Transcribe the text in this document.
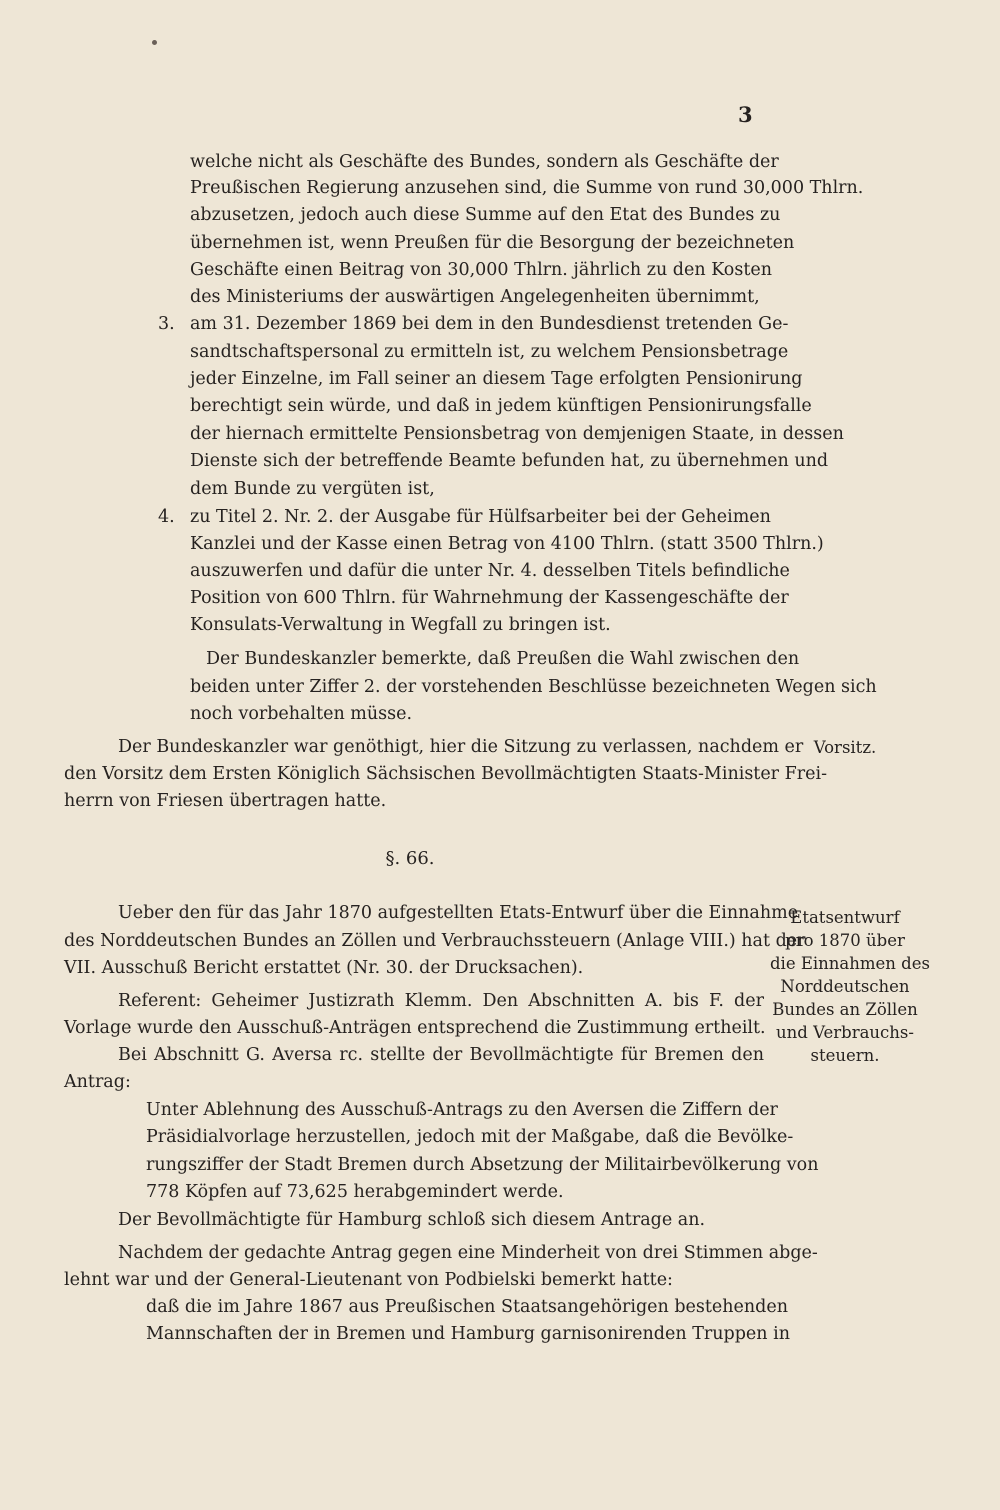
3
welche nicht als Geschäfte des Bundes, sondern als Geschäfte der
Preußischen Regierung anzusehen sind, die Summe von rund 30,000 Thlrn.
abzusetzen, jedoch auch diese Summe auf den Etat des Bundes zu
übernehmen ist, wenn Preußen für die Besorgung der bezeichneten
Geschäfte einen Beitrag von 30,000 Thlrn. jährlich zu den Kosten
des Ministeriums der auswärtigen Angelegenheiten übernimmt,
3. am 31. Dezember 1869 bei dem in den Bundesdienst tretenden Ge-
sandtschaftspersonal zu ermitteln ist, zu welchem Pensionsbetrage
jeder Einzelne, im Fall seiner an diesem Tage erfolgten Pensionirung
berechtigt sein würde, und daß in jedem künftigen Pensionirungsfalle
der hiernach ermittelte Pensionsbetrag von demjenigen Staate, in dessen
Dienste sich der betreffende Beamte befunden hat, zu übernehmen und
dem Bunde zu vergüten ist,
4. zu Titel 2. Nr. 2. der Ausgabe für Hülfsarbeiter bei der Geheimen
Kanzlei und der Kasse einen Betrag von 4100 Thlrn. (statt 3500 Thlrn.)
auszuwerfen und dafür die unter Nr. 4. desselben Titels befindliche
Position von 600 Thlrn. für Wahrnehmung der Kassengeschäfte der
Konsulats-Verwaltung in Wegfall zu bringen ist.
Der Bundeskanzler bemerkte, daß Preußen die Wahl zwischen den
beiden unter Ziffer 2. der vorstehenden Beschlüsse bezeichneten Wegen sich
noch vorbehalten müsse.
Der Bundeskanzler war genöthigt, hier die Sitzung zu verlassen, nachdem er
den Vorsitz dem Ersten Königlich Sächsischen Bevollmächtigten Staats-Minister Frei-
herrn von Friesen übertragen hatte.
Vorsitz.
§. 66.
Etatsentwurf
pro 1870 über
die Einnahmen des
Norddeutschen
Bundes an Zöllen
und Verbrauchs-
steuern.
Ueber den für das Jahr 1870 aufgestellten Etats-Entwurf über die Einnahme
des Norddeutschen Bundes an Zöllen und Verbrauchssteuern (Anlage VIII.) hat der
VII. Ausschuß Bericht erstattet (Nr. 30. der Drucksachen).
Referent: Geheimer Justizrath Klemm. Den Abschnitten A. bis F. der
Vorlage wurde den Ausschuß-Anträgen entsprechend die Zustimmung ertheilt.
Bei Abschnitt G. Aversa rc. stellte der Bevollmächtigte für Bremen den
Antrag:
Unter Ablehnung des Ausschuß-Antrags zu den Aversen die Ziffern der
Präsidialvorlage herzustellen, jedoch mit der Maßgabe, daß die Bevölke-
rungsziffer der Stadt Bremen durch Absetzung der Militairbevölkerung von
778 Köpfen auf 73,625 herabgemindert werde.
Der Bevollmächtigte für Hamburg schloß sich diesem Antrage an.
Nachdem der gedachte Antrag gegen eine Minderheit von drei Stimmen abge-
lehnt war und der General-Lieutenant von Podbielski bemerkt hatte:
daß die im Jahre 1867 aus Preußischen Staatsangehörigen bestehenden
Mannschaften der in Bremen und Hamburg garnisonirenden Truppen in
